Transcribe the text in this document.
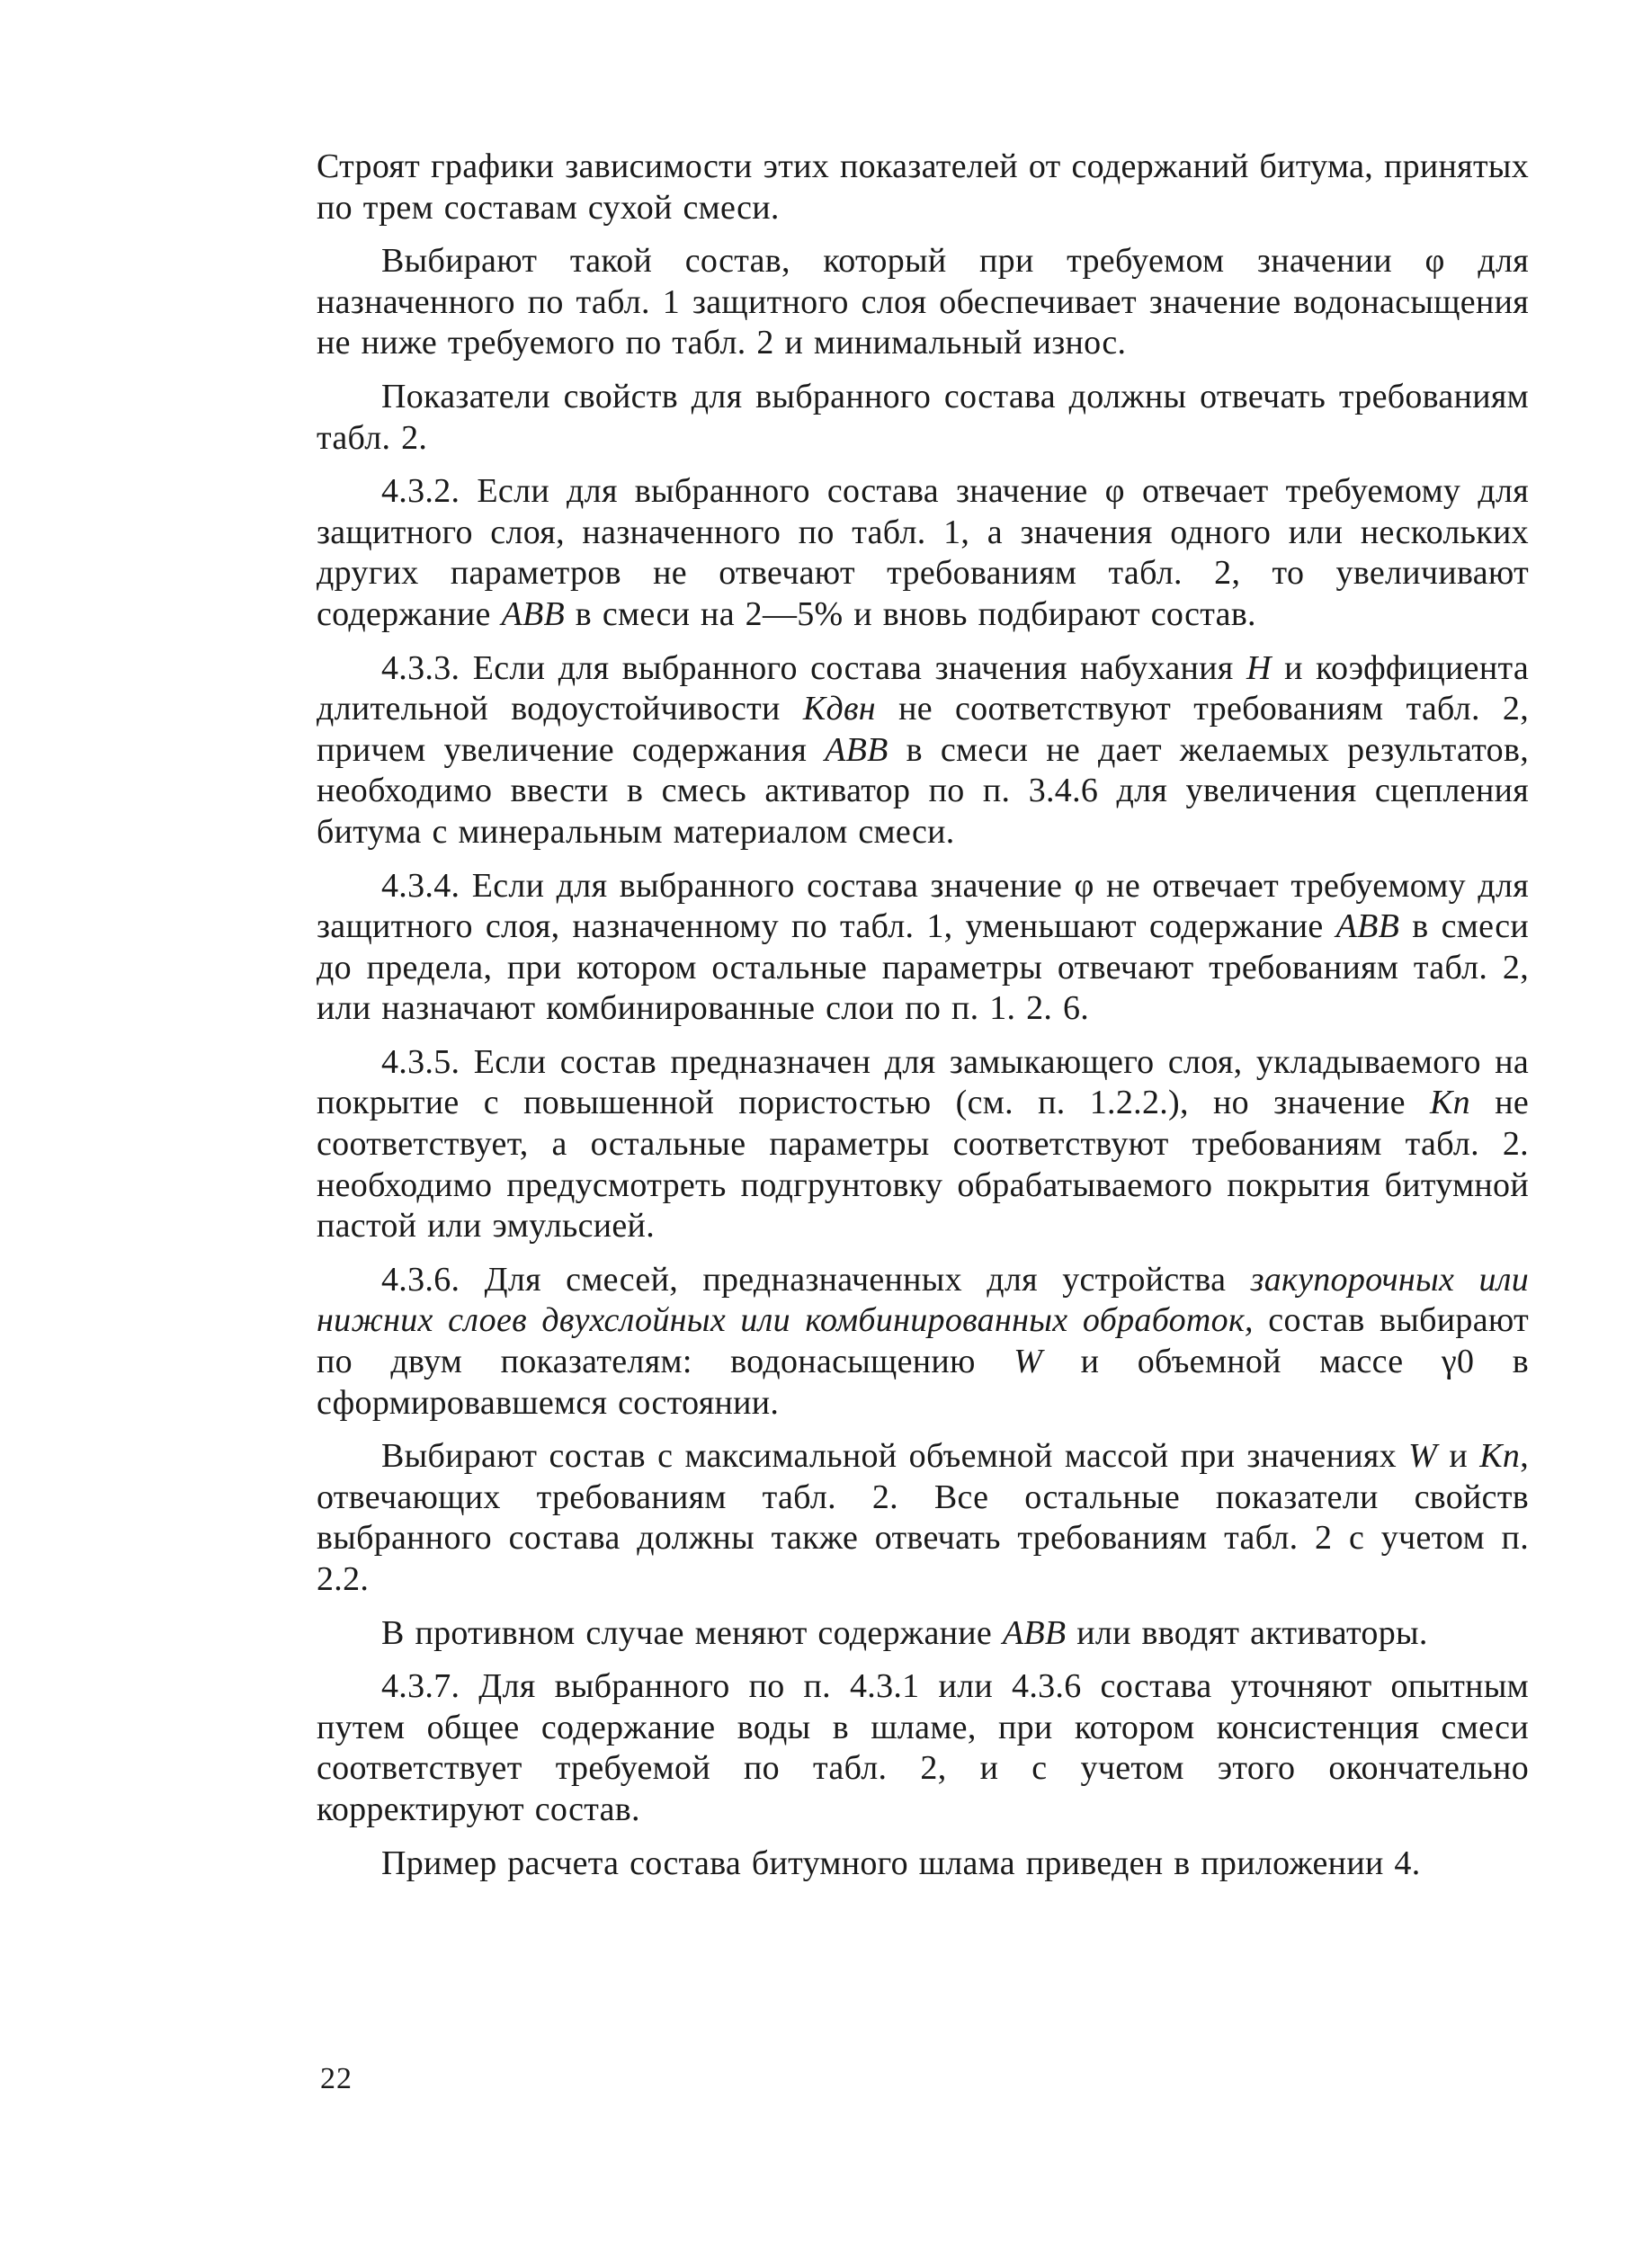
Строят графики зависимости этих показателей от содержаний битума, принятых по трем составам сухой смеси.

Выбирают такой состав, который при требуемом значении φ для назначенного по табл. 1 защитного слоя обеспечивает значение водонасыщения не ниже требуемого по табл. 2 и минимальный износ.

Показатели свойств для выбранного состава должны отвечать требованиям табл. 2.

4.3.2. Если для выбранного состава значение φ отвечает требуемому для защитного слоя, назначенного по табл. 1, а значения одного или нескольких других параметров не отвечают требованиям табл. 2, то увеличивают содержание ABB в смеси на 2—5% и вновь подбирают состав.

4.3.3. Если для выбранного состава значения набухания H и коэффициента длительной водоустойчивости Kдвн не соответствуют требованиям табл. 2, причем увеличение содержания ABB в смеси не дает желаемых результатов, необходимо ввести в смесь активатор по п. 3.4.6 для увеличения сцепления битума с минеральным материалом смеси.

4.3.4. Если для выбранного состава значение φ не отвечает требуемому для защитного слоя, назначенному по табл. 1, уменьшают содержание ABB в смеси до предела, при котором остальные параметры отвечают требованиям табл. 2, или назначают комбинированные слои по п. 1. 2. 6.

4.3.5. Если состав предназначен для замыкающего слоя, укладываемого на покрытие с повышенной пористостью (см. п. 1.2.2.), но значение Kп не соответствует, а остальные параметры соответствуют требованиям табл. 2. необходимо предусмотреть подгрунтовку обрабатываемого покрытия битумной пастой или эмульсией.

4.3.6. Для смесей, предназначенных для устройства закупорочных или нижних слоев двухслойных или комбинированных обработок, состав выбирают по двум показателям: водонасыщению W и объемной массе γ0 в сформировавшемся состоянии.

Выбирают состав с максимальной объемной массой при значениях W и Kп, отвечающих требованиям табл. 2. Все остальные показатели свойств выбранного состава должны также отвечать требованиям табл. 2 с учетом п. 2.2.

В противном случае меняют содержание ABB или вводят активаторы.

4.3.7. Для выбранного по п. 4.3.1 или 4.3.6 состава уточняют опытным путем общее содержание воды в шламе, при котором консистенция смеси соответствует требуемой по табл. 2, и с учетом этого окончательно корректируют состав.

Пример расчета состава битумного шлама приведен в приложении 4.

22
